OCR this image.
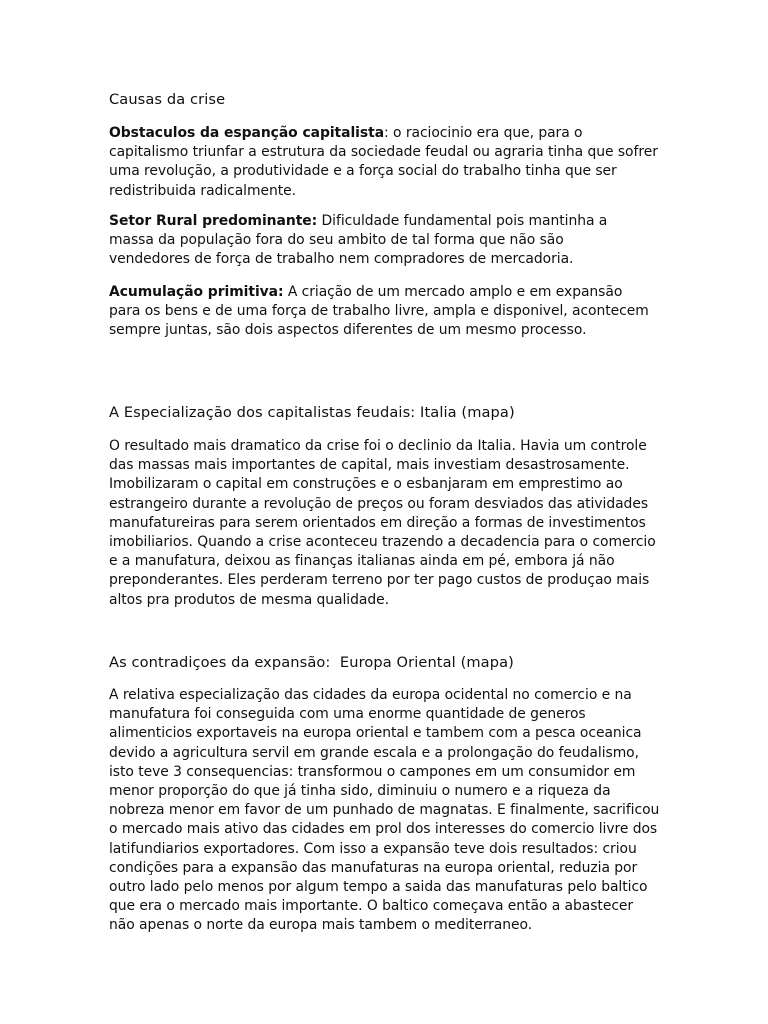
Causas da crise

Obstaculos da espanção capitalista: o raciocinio era que, para o capitalismo triunfar a estrutura da sociedade feudal ou agraria tinha que sofrer uma revolução, a produtividade e a força social do trabalho tinha que ser redistribuida radicalmente.

Setor Rural predominante: Dificuldade fundamental pois mantinha a massa da população fora do seu ambito de tal forma que não são vendedores de força de trabalho nem compradores de mercadoria.

Acumulação primitiva: A criação de um mercado amplo e em expansão para os bens e de uma força de trabalho livre, ampla e disponivel, acontecem sempre juntas, são dois aspectos diferentes de um mesmo processo.

A Especialização dos capitalistas feudais: Italia (mapa)

O resultado mais dramatico da crise foi o declinio da Italia. Havia um controle das massas mais importantes de capital, mais investiam desastrosamente. Imobilizaram o capital em construções e o esbanjaram em emprestimo ao estrangeiro durante a revolução de preços ou foram desviados das atividades manufatureiras para serem orientados em direção a formas de investimentos imobiliarios. Quando a crise aconteceu trazendo a decadencia para o comercio e a manufatura, deixou as finanças italianas ainda em pé, embora já não preponderantes. Eles perderam terreno por ter pago custos de produçao mais altos pra produtos de mesma qualidade.

As contradiçoes da expansão:  Europa Oriental (mapa)

A relativa especialização das cidades da europa ocidental no comercio e na manufatura foi conseguida com uma enorme quantidade de generos alimenticios exportaveis na europa oriental e tambem com a pesca oceanica devido a agricultura servil em grande escala e a prolongação do feudalismo, isto teve 3 consequencias: transformou o campones em um consumidor em menor proporção do que já tinha sido, diminuiu o numero e a riqueza da nobreza menor em favor de um punhado de magnatas. E finalmente, sacrificou o mercado mais ativo das cidades em prol dos interesses do comercio livre dos latifundiarios exportadores. Com isso a expansão teve dois resultados: criou condições para a expansão das manufaturas na europa oriental, reduzia por outro lado pelo menos por algum tempo a saida das manufaturas pelo baltico que era o mercado mais importante. O baltico começava então a abastecer não apenas o norte da europa mais tambem o mediterraneo.
